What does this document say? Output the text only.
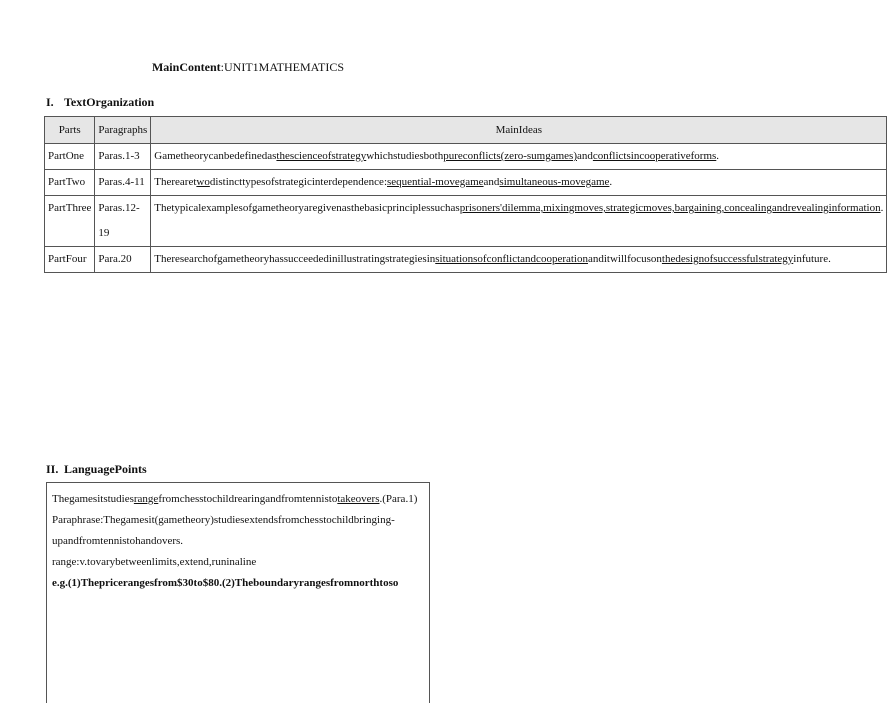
MainContent:UNIT1MATHEMATICS
I. TextOrganization
Parts	Paragraphs	MainIdeas
PartOne	Paras.1-3	Gametheorycanbedefinedasthescienceofstrategywhichstudiesbothpureconflicts(zero-sumgames)andconflictsincooperativeforms.
PartTwo	Paras.4-11	Therearetwodistincttypesofstrategicinterdependence:sequential-movegameandsimultaneous-movegame.
PartThree	Paras.12-19	Thetypicalexamplesofgametheoryaregivenasthebasicprinciplessuchasprisoners'dilemma,mixingmoves,strategicmoves,bargaining,concealingandrevealinginformation.
PartFour	Para.20	Theresearchofgametheoryhassucceededinillustratingstrategiesinsituationsofconflictandcooperationanditwillfocusonthedesignofsuccessfulstrategyinfuture.
II. LanguagePoints

Thegamesitstudiesrangefromchesstochildrearingandfromtennistotakeovers.(Para.1)

Paraphrase:Thegamesit(gametheory)studiesextendsfromchesstochildbringing-upandfromtennistohandovers.

range:v.tovarybetweenlimits,extend,runinaline

e.g.(1)Thepricerangesfrom$30to$80.(2)Theboundaryrangesfromnorthtoso
